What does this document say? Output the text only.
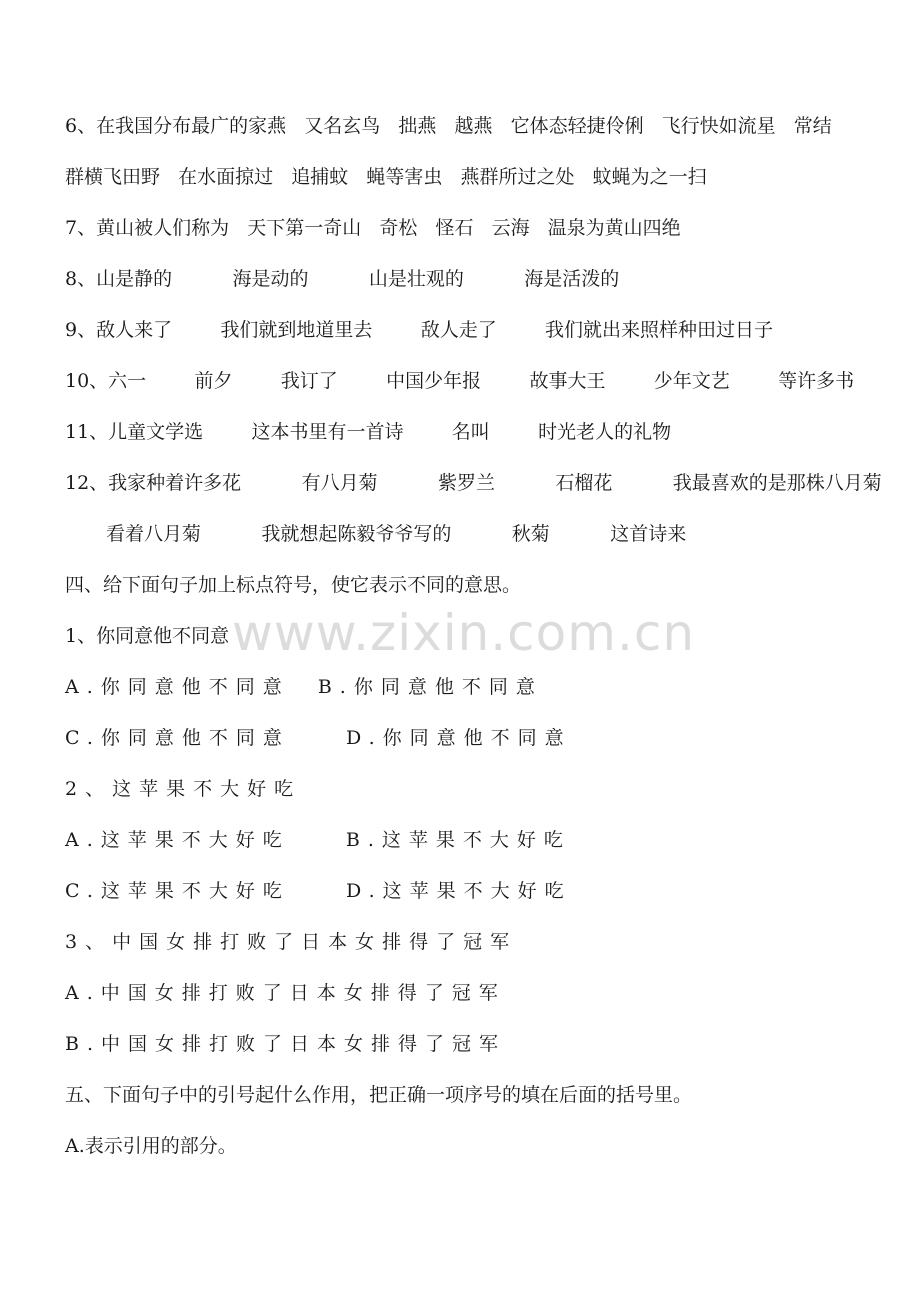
6、在我国分布最广的家燕   又名玄鸟   拙燕   越燕   它体态轻捷伶俐   飞行快如流星   常结
群横飞田野   在水面掠过   追捕蚊   蝇等害虫   燕群所过之处   蚊蝇为之一扫
7、黄山被人们称为   天下第一奇山   奇松   怪石   云海   温泉为黄山四绝
8、山是静的          海是动的          山是壮观的          海是活泼的
9、敌人来了        我们就到地道里去        敌人走了        我们就出来照样种田过日子
10、六一        前夕        我订了        中国少年报        故事大王        少年文艺        等许多书
11、儿童文学选        这本书里有一首诗        名叫        时光老人的礼物
12、我家种着许多花          有八月菊          紫罗兰          石榴花          我最喜欢的是那株八月菊
看着八月菊          我就想起陈毅爷爷写的          秋菊          这首诗来
四、给下面句子加上标点符号，使它表示不同的意思。
1、你同意他不同意
A.你同意他不同意  B.你同意他不同意
C.你同意他不同意    D.你同意他不同意
2、这苹果不大好吃
A.这苹果不大好吃    B.这苹果不大好吃
C.这苹果不大好吃    D.这苹果不大好吃
3、中国女排打败了日本女排得了冠军
A.中国女排打败了日本女排得了冠军
B.中国女排打败了日本女排得了冠军
五、下面句子中的引号起什么作用，把正确一项序号的填在后面的括号里。
A.表示引用的部分。
www.zixin.com.cn
